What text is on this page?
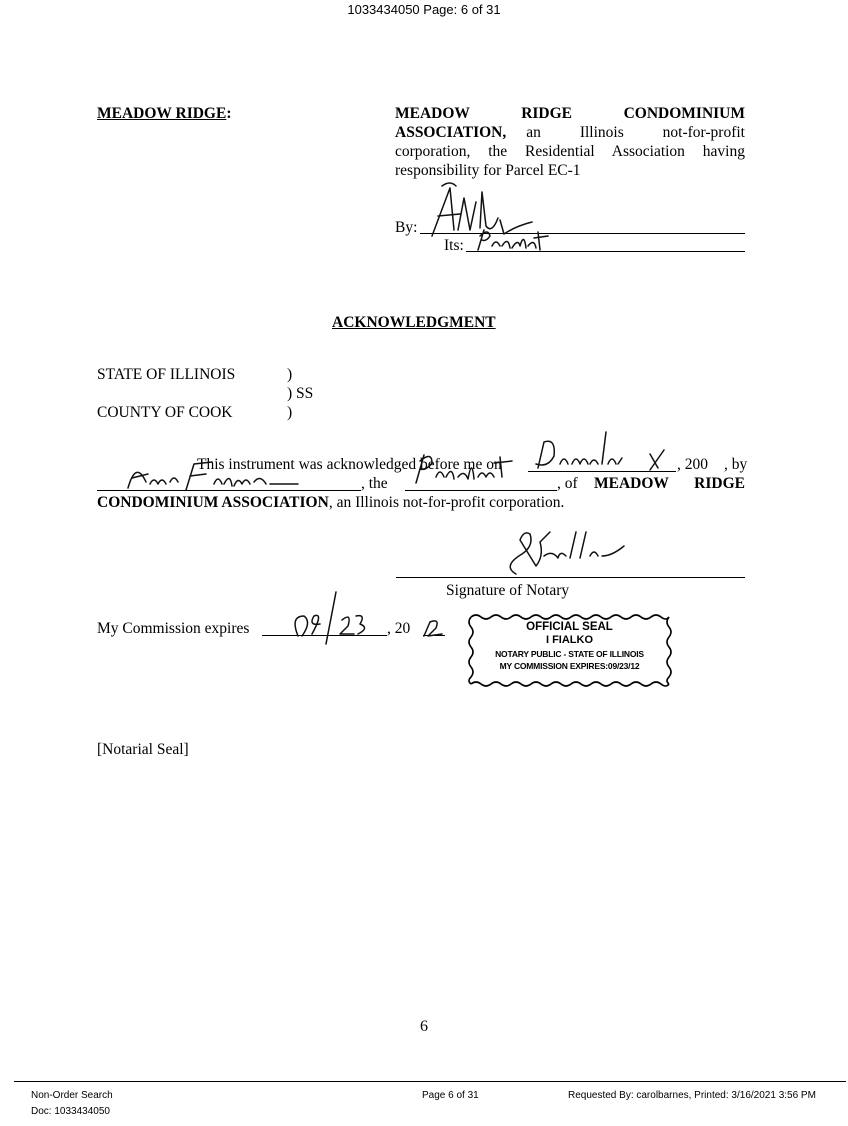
1033434050 Page: 6 of 31
MEADOW RIDGE:	MEADOW RIDGE CONDOMINIUM
ASSOCIATION, an Illinois not-for-profit
corporation, the Residential Association having
responsibility for Parcel EC-1
By:
Its:
ACKNOWLEDGMENT
STATE OF ILLINOIS	)
) SS
COUNTY OF COOK	)
This instrument was acknowledged before me on	, 200 , by
, the	, of MEADOW RIDGE
CONDOMINIUM ASSOCIATION, an Illinois not-for-profit corporation.
Signature of Notary
My Commission expires	, 20	OFFICIAL SEAL
I FIALKO
NOTARY PUBLIC - STATE OF ILLINOIS
MY COMMISSION EXPIRES:09/23/12
[Notarial Seal]
6
Non-Order Search
Doc: 1033434050
Page 6 of 31	Requested By: carolbarnes, Printed: 3/16/2021 3:56 PM
